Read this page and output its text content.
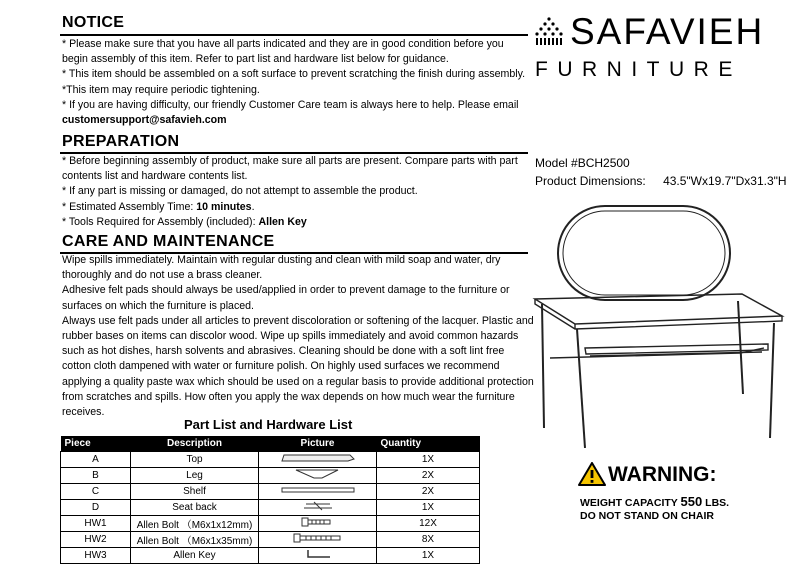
NOTICE

* Please make sure that you have all parts indicated and they are in good condition before you begin assembly of this item. Refer to part list and hardware list below for guidance.

* This item should be assembled on a soft surface to prevent scratching the finish during assembly.

*This item may require periodic tightening.

* If you are having difficulty, our friendly Customer Care team is always here to help. Please email

customersupport@safavieh.com

PREPARATION

* Before beginning assembly of product, make sure all parts are present. Compare parts with part contents list and hardware contents list.

* If any part is missing or damaged, do not attempt to assemble the product.

* Estimated Assembly Time: 10 minutes.

* Tools Required for Assembly (included): Allen Key

CARE AND MAINTENANCE

Wipe spills immediately. Maintain with regular dusting and clean with mild soap and water, dry thoroughly and do not use a brass cleaner.

Adhesive felt pads should always be used/applied in order to prevent damage to the furniture or surfaces on which the furniture is placed.

Always use felt pads under all articles to prevent discoloration or softening of the lacquer. Plastic and rubber bases on items can discolor wood. Wipe up spills immediately and avoid common hazards such as hot dishes, harsh solvents and abrasives. Cleaning should be done with a soft lint free cotton cloth dampened with water or furniture polish. On highly used surfaces we recommend applying a quality paste wax which should be used on a regular basis to provide additional protection from scratches and spills. How often you apply the wax depends on how much wear the furniture receives.

SAFAVIEH
FURNITURE
Model #BCH2500
Product Dimensions: 43.5"Wx19.7"Dx31.3"H
Part List and Hardware List
Piece	Description	Picture	Quantity
A	Top		1X
B	Leg		2X
C	Shelf		2X
D	Seat back		1X
HW1	Allen Bolt （M6x1x12mm)		12X
HW2	Allen Bolt （M6x1x35mm)		8X
HW3	Allen Key		1X
WARNING:
WEIGHT CAPACITY 550 LBS.
DO NOT STAND ON CHAIR
